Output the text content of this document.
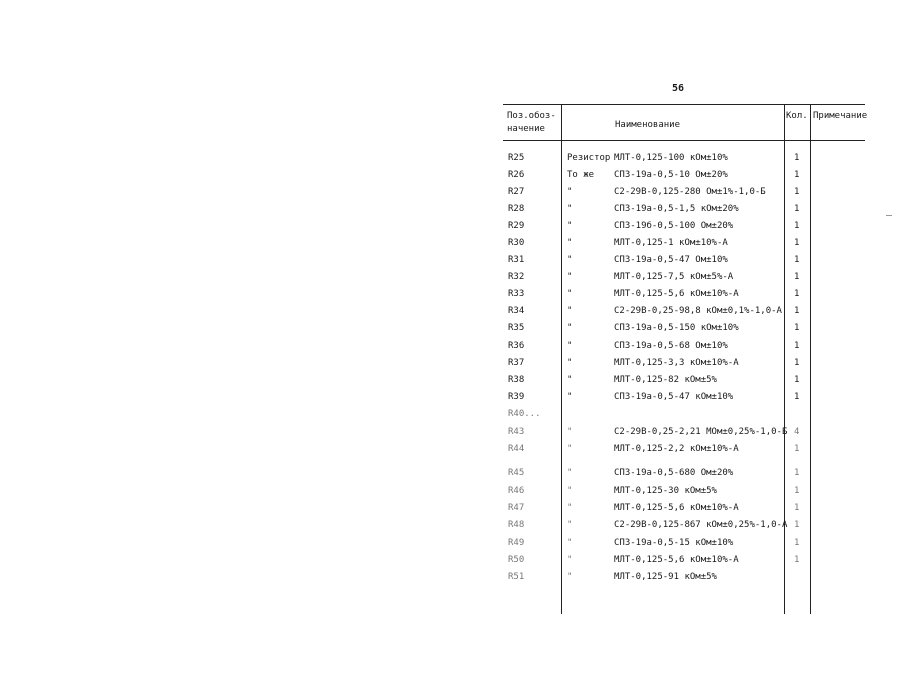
56
Поз.обоз-
начение	Наименование
Кол. Примечание
R25	Резистор МЛТ-0,125-100 кОм±10%	1
R26	То же СП3-19а-0,5-10 Ом±20%	1
R27	"	С2-29В-0,125-280 Ом±1%-1,0-Б	1
R28	"	СП3-19а-0,5-1,5 кОм±20%	1
R29	"	СП3-19б-0,5-100 Ом±20%	1
R30	"	МЛТ-0,125-1 кОм±10%-А	1
R31	"	СП3-19а-0,5-47 Ом±10%	1
R32	"	МЛТ-0,125-7,5 кОм±5%-А	1
R33	"	МЛТ-0,125-5,6 кОм±10%-А	1
R34	"	С2-29В-0,25-98,8 кОм±0,1%-1,0-А 1
R35	"	СП3-19а-0,5-150 кОм±10%	1
R36	"	СП3-19а-0,5-68 Ом±10%	1
R37	"	МЛТ-0,125-3,3 кОм±10%-А	1
R38	"	МЛТ-0,125-82 кОм±5%	1
R39	"	СП3-19а-0,5-47 кОм±10%	1
R40...
R43	"	С2-29В-0,25-2,21 МОм±0,25%-1,0-Б 4
R44	"	МЛТ-0,125-2,2 кОм±10%-А	1
R45	"	СП3-19а-0,5-680 Ом±20%	1
R46	"	МЛТ-0,125-30 кОм±5%	1
R47	"	МЛТ-0,125-5,6 кОм±10%-А	1
R48	"	С2-29В-0,125-867 кОм±0,25%-1,0-А 1
R49	"	СП3-19а-0,5-15 кОм±10%	1
R50	"	МЛТ-0,125-5,6 кОм±10%-А	1
R51	"	МЛТ-0,125-91 кОм±5%
